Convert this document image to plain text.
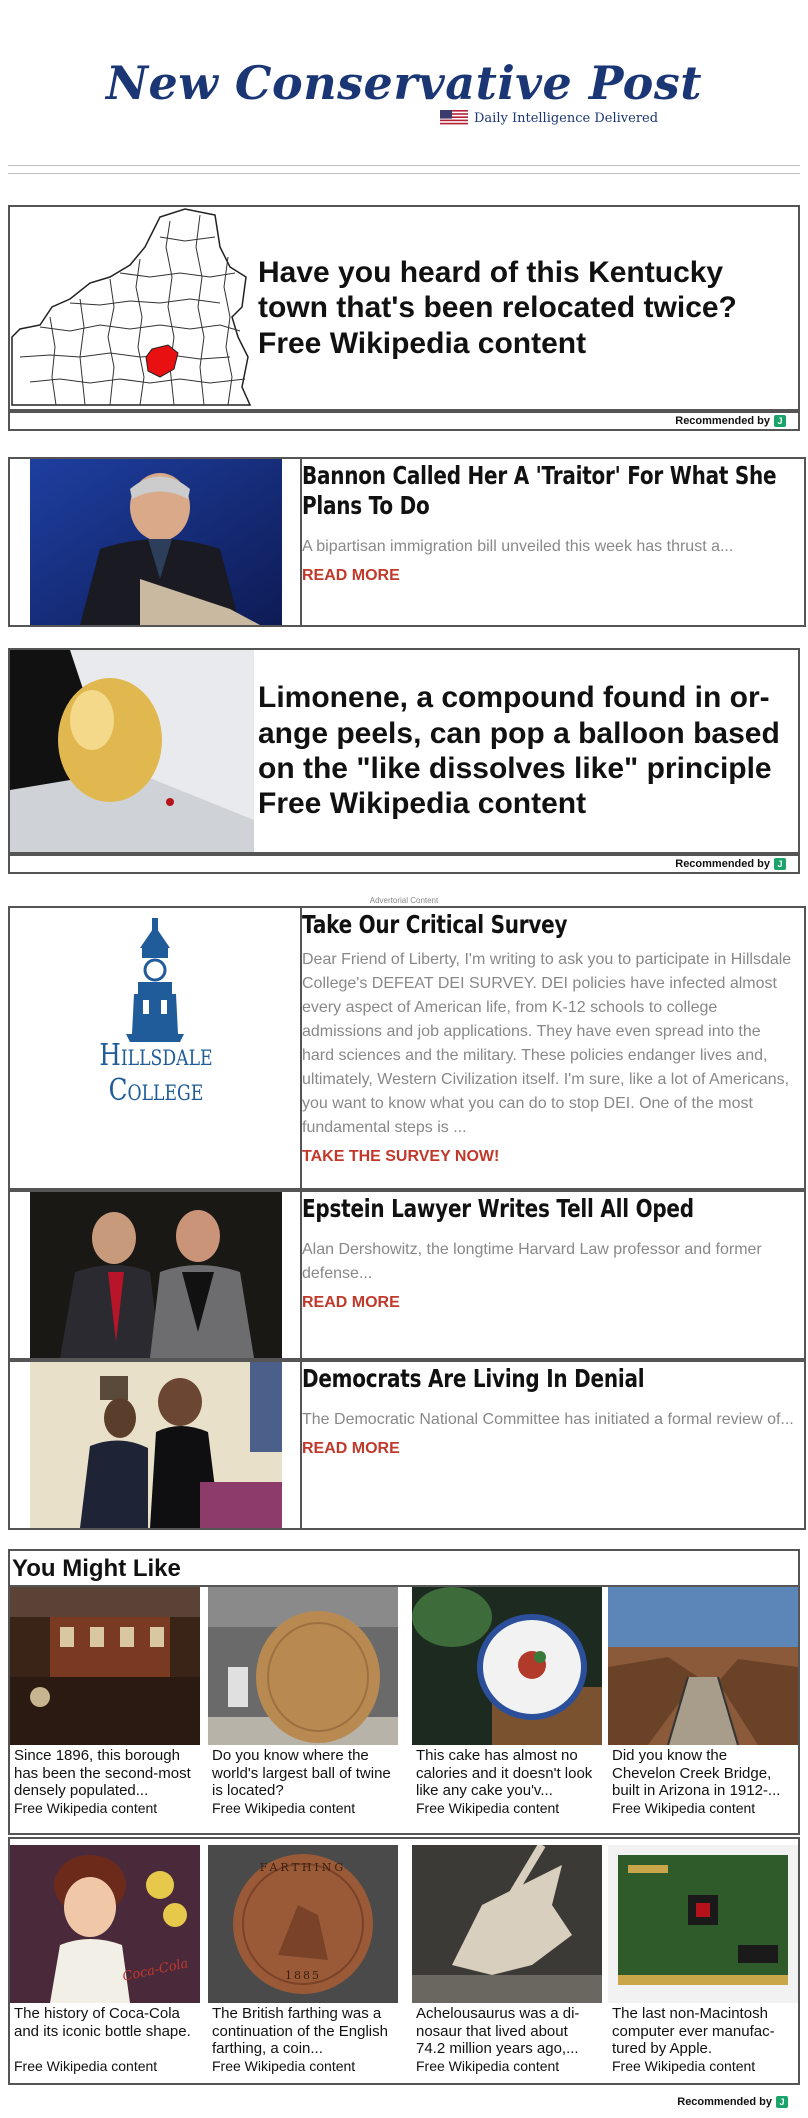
New Conservative Post
Daily Intelligence Delivered
Have you heard of this Kentucky town that's been relocated twice? Free Wikipedia content
Recommended by J
Bannon Called Her A 'Traitor' For What She Plans To Do
A bipartisan immigration bill unveiled this week has thrust a...
READ MORE
Limonene, a compound found in or-ange peels, can pop a balloon based on the "like dissolves like" principle Free Wikipedia content
Recommended by J
Advertorial Content
Hillsdale College
Take Our Critical Survey
Dear Friend of Liberty, I'm writing to ask you to participate in Hillsdale College's DEFEAT DEI SURVEY. DEI policies have infected almost every aspect of American life, from K-12 schools to college admissions and job applications. They have even spread into the hard sciences and the military. These policies endanger lives and, ultimately, Western Civilization itself. I'm sure, like a lot of Americans, you want to know what you can do to stop DEI. One of the most fundamental steps is ...
TAKE THE SURVEY NOW!
Epstein Lawyer Writes Tell All Oped
Alan Dershowitz, the longtime Harvard Law professor and former defense...
READ MORE
Democrats Are Living In Denial
The Democratic National Committee has initiated a formal review of...
READ MORE
You Might Like
Since 1896, this borough has been the second-most densely populated...
Free Wikipedia content
Do you know where the world's largest ball of twine is located?
Free Wikipedia content
This cake has almost no calories and it doesn't look like any cake you'v...
Free Wikipedia content
Did you know the Chevelon Creek Bridge, built in Arizona in 1912-...
Free Wikipedia content
Coca-Cola
The history of Coca-Cola and its iconic bottle shape.
Free Wikipedia content
FARTHING
1885
The British farthing was a continuation of the English farthing, a coin...
Free Wikipedia content
Achelousaurus was a di-nosaur that lived about 74.2 million years ago,...
Free Wikipedia content
The last non-Macintosh computer ever manufac-tured by Apple.
Free Wikipedia content
Recommended by J
